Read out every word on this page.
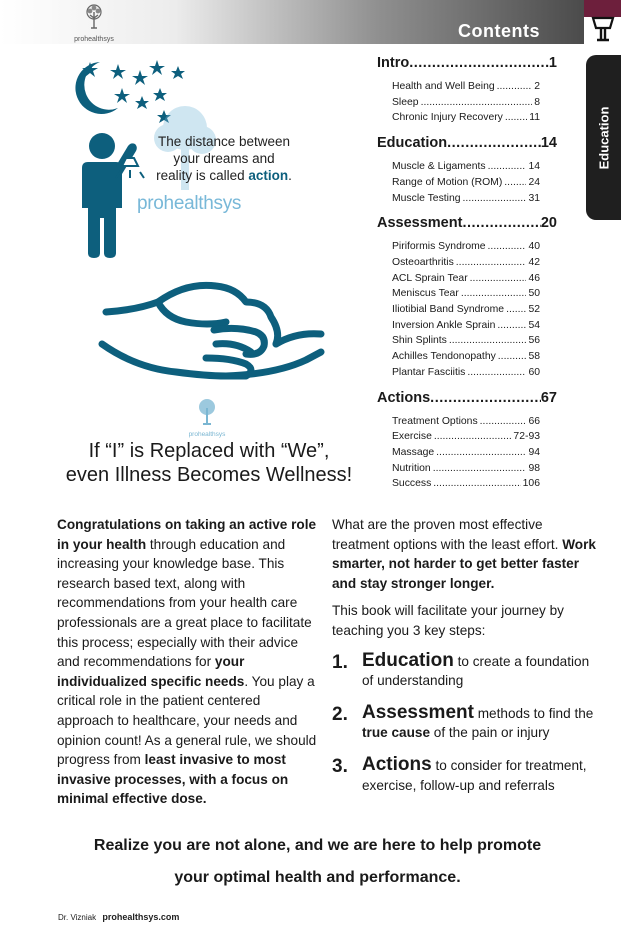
prohealthsys	Contents
Education
Intro .....	1
Health and Well Being .....	2
Sleep .....	8
Chronic Injury Recovery .....	11
Education .....	14
Muscle & Ligaments .....	14
Range of Motion (ROM) .....	24
Muscle Testing .....	31
Assessment .....	20
Piriformis Syndrome .....	40
Osteoarthritis .....	42
ACL Sprain Tear .....	46
Meniscus Tear .....	50
Iliotibial Band Syndrome ..... 52
Inversion Ankle Sprain .....	54
Shin Splints .....	56
Achilles Tendonopathy .....	58
Plantar Fasciitis .....	60
Actions .....	67
Treatment Options .....	66
Exercise .....	72-93
Massage .....	94
Nutrition .....	98
Success .....	106
The distance between
your dreams and
reality is called action.
prohealthsys
prohealthsys
If “I” is Replaced with “We”,
even Illness Becomes Wellness!
Congratulations on taking an active role in your health through education and increasing your knowledge base. This research based text, along with recommendations from your health care professionals are a great place to facilitate this process; especially with their advice and recommendations for your individualized specific needs. You play a critical role in the patient centered approach to healthcare, your needs and opinion count! As a general rule, we should progress from least invasive to most invasive processes, with a focus on minimal effective dose.

What are the proven most effective treatment options with the least effort. Work smarter, not harder to get better faster and stay stronger longer.

This book will facilitate your journey by teaching you 3 key steps:

1. Education to create a foundation of understanding
2. Assessment methods to find the true cause of the pain or injury
3. Actions to consider for treatment, exercise, follow-up and referrals
Realize you are not alone, and we are here to help promote
your optimal health and performance.
Dr. Vizniak prohealthsys.com
